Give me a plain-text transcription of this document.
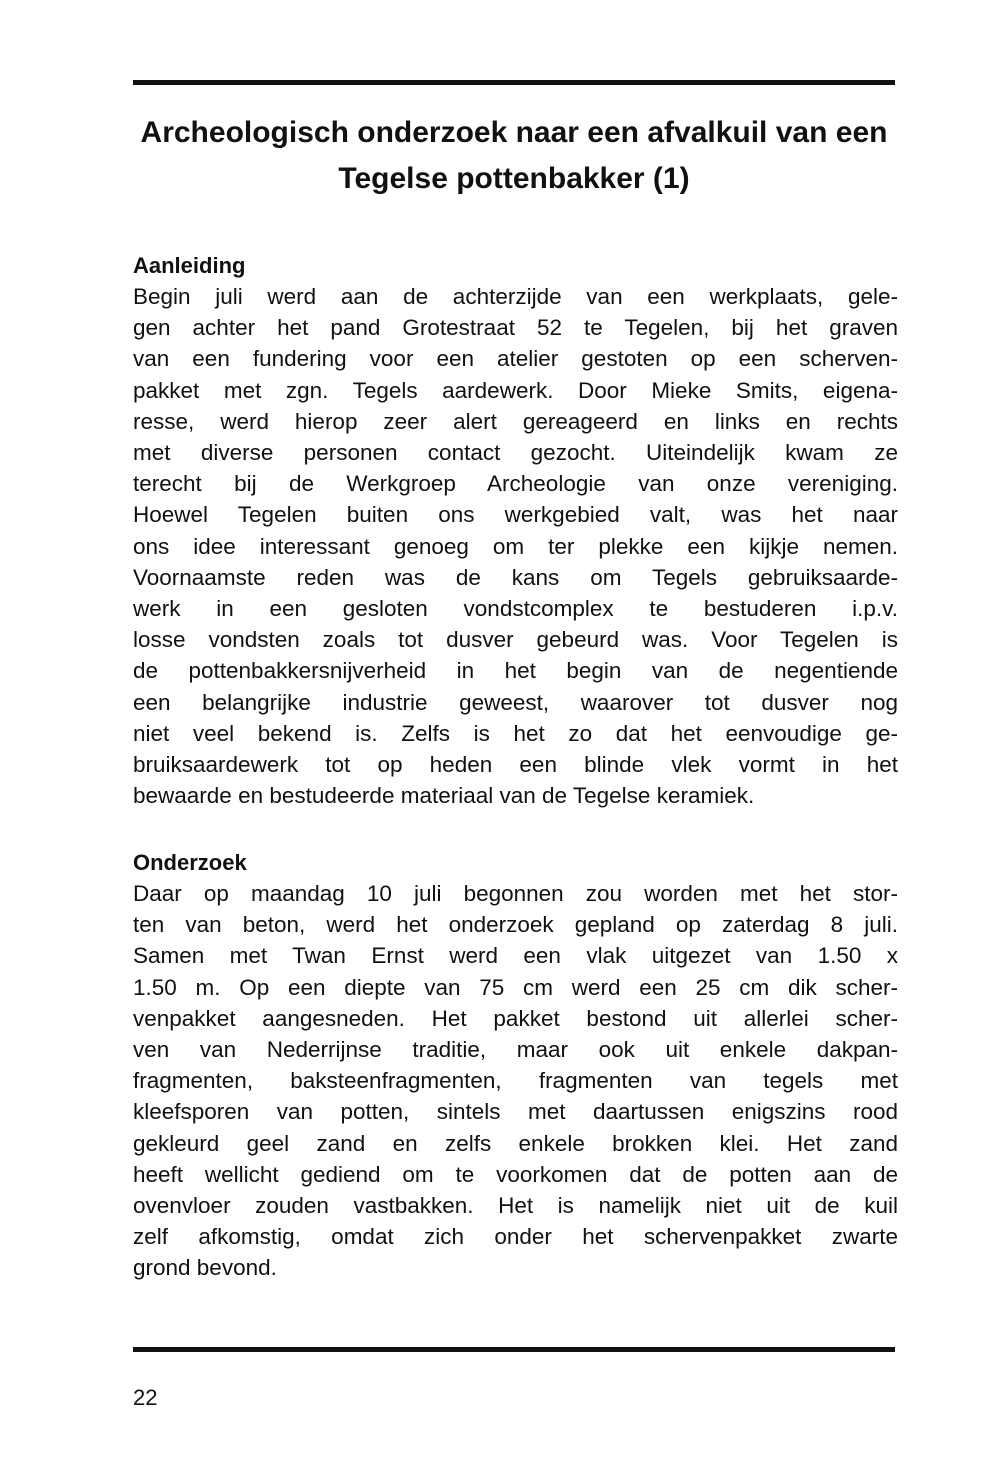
Archeologisch onderzoek naar een afvalkuil van een
Tegelse pottenbakker (1)
Aanleiding
Begin juli werd aan de achterzijde van een werkplaats, gele-
gen achter het pand Grotestraat 52 te Tegelen, bij het graven
van een fundering voor een atelier gestoten op een scherven-
pakket met zgn. Tegels aardewerk. Door Mieke Smits, eigena-
resse, werd hierop zeer alert gereageerd en links en rechts
met diverse personen contact gezocht. Uiteindelijk kwam ze
terecht bij de Werkgroep Archeologie van onze vereniging.
Hoewel Tegelen buiten ons werkgebied valt, was het naar
ons idee interessant genoeg om ter plekke een kijkje nemen.
Voornaamste reden was de kans om Tegels gebruiksaarde-
werk in een gesloten vondstcomplex te bestuderen i.p.v.
losse vondsten zoals tot dusver gebeurd was. Voor Tegelen is
de pottenbakkersnijverheid in het begin van de negentiende
een belangrijke industrie geweest, waarover tot dusver nog
niet veel bekend is. Zelfs is het zo dat het eenvoudige ge-
bruiksaardewerk tot op heden een blinde vlek vormt in het
bewaarde en bestudeerde materiaal van de Tegelse keramiek.
Onderzoek
Daar op maandag 10 juli begonnen zou worden met het stor-
ten van beton, werd het onderzoek gepland op zaterdag 8 juli.
Samen met Twan Ernst werd een vlak uitgezet van 1.50 x
1.50 m. Op een diepte van 75 cm werd een 25 cm dik scher-
venpakket aangesneden. Het pakket bestond uit allerlei scher-
ven van Nederrijnse traditie, maar ook uit enkele dakpan-
fragmenten, baksteenfragmenten, fragmenten van tegels met
kleefsporen van potten, sintels met daartussen enigszins rood
gekleurd geel zand en zelfs enkele brokken klei. Het zand
heeft wellicht gediend om te voorkomen dat de potten aan de
ovenvloer zouden vastbakken. Het is namelijk niet uit de kuil
zelf afkomstig, omdat zich onder het schervenpakket zwarte
grond bevond.
22
